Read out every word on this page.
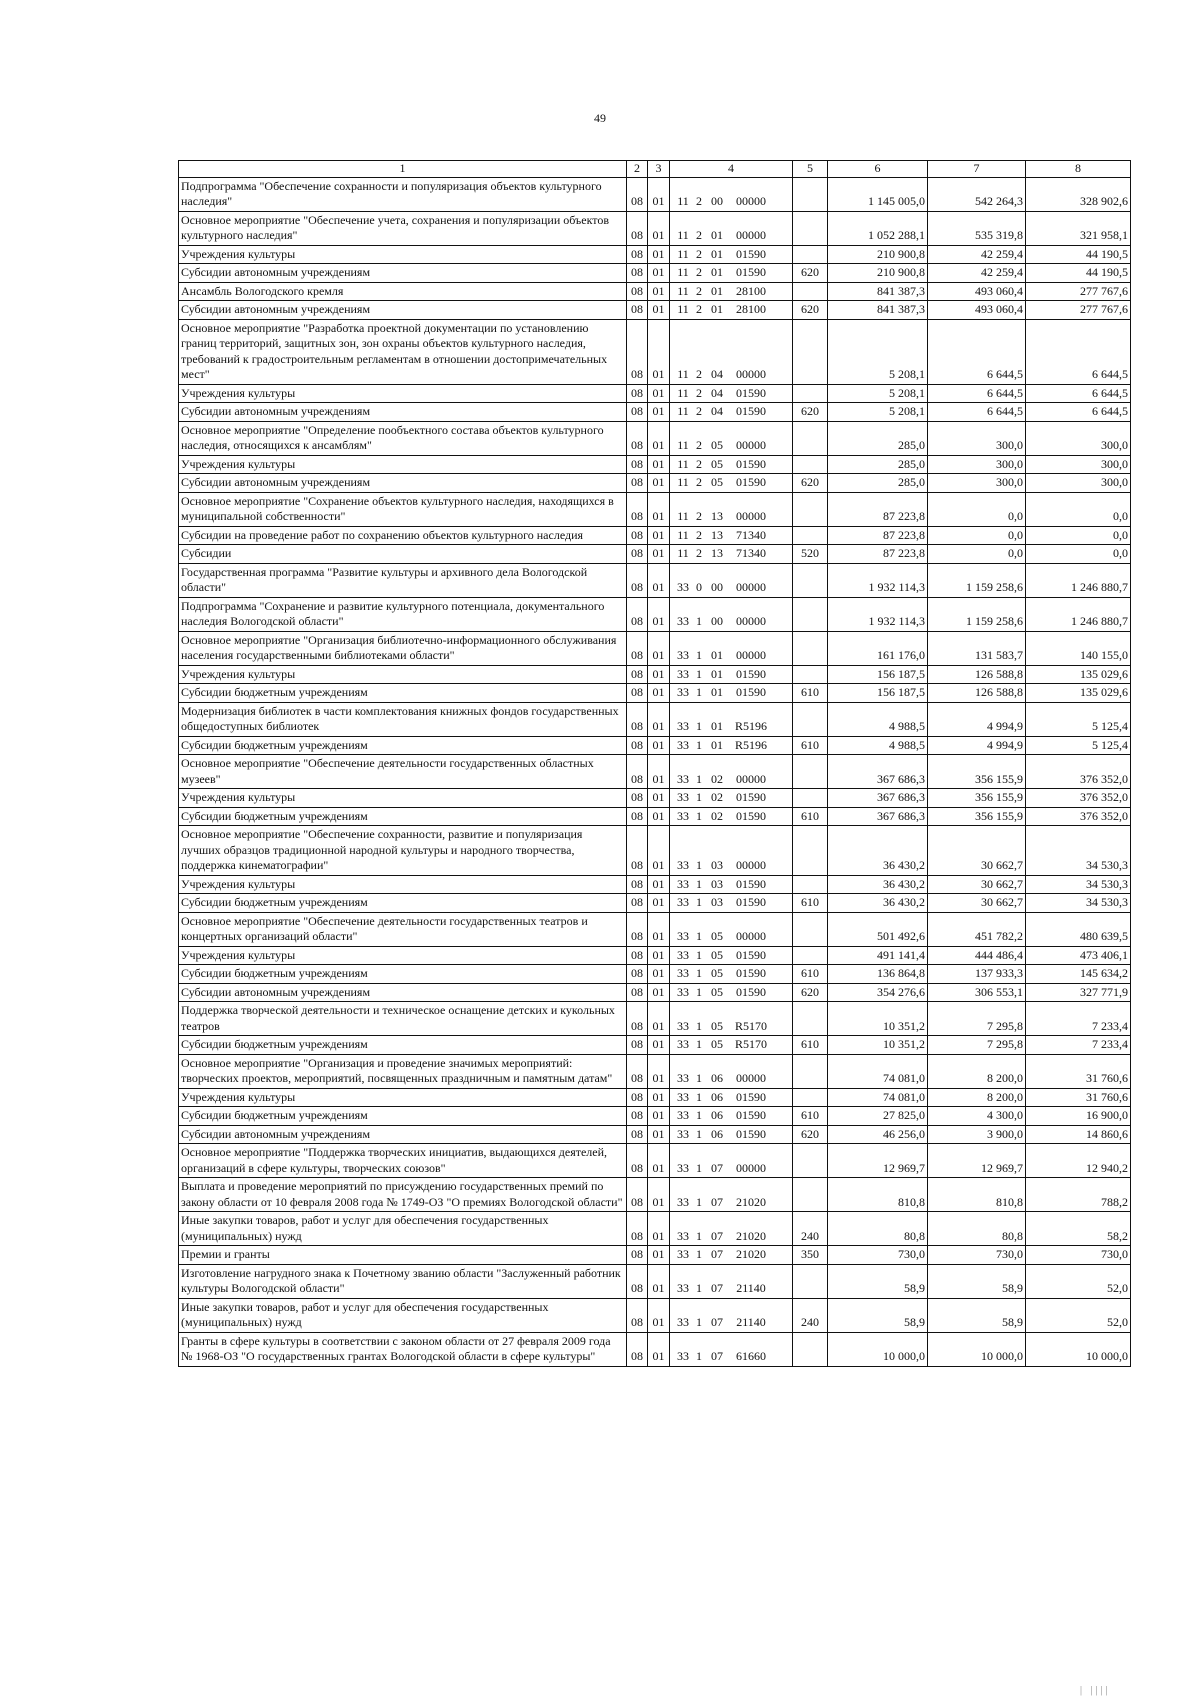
49
1	2	3	4	5	6	7	8
Подпрограмма "Обеспечение сохранности и популяризация объектов культурного наследия"	08	01	11 2 00 00000		1 145 005,0	542 264,3	328 902,6
Основное мероприятие "Обеспечение учета, сохранения и популяризации объектов культурного наследия"	08	01	11 2 01 00000		1 052 288,1	535 319,8	321 958,1
Учреждения культуры	08	01	11 2 01 01590		210 900,8	42 259,4	44 190,5
Субсидии автономным учреждениям	08	01	11 2 01 01590	620	210 900,8	42 259,4	44 190,5
Ансамбль Вологодского кремля	08	01	11 2 01 28100		841 387,3	493 060,4	277 767,6
Субсидии автономным учреждениям	08	01	11 2 01 28100	620	841 387,3	493 060,4	277 767,6
Основное мероприятие "Разработка проектной документации по установлению границ территорий, защитных зон, зон охраны объектов культурного наследия, требований к градостроительным регламентам в отношении достопримечательных мест"	08	01	11 2 04 00000		5 208,1	6 644,5	6 644,5
Учреждения культуры	08	01	11 2 04 01590		5 208,1	6 644,5	6 644,5
Субсидии автономным учреждениям	08	01	11 2 04 01590	620	5 208,1	6 644,5	6 644,5
Основное мероприятие "Определение пообъектного состава объектов культурного наследия, относящихся к ансамблям"	08	01	11 2 05 00000		285,0	300,0	300,0
Учреждения культуры	08	01	11 2 05 01590		285,0	300,0	300,0
Субсидии автономным учреждениям	08	01	11 2 05 01590	620	285,0	300,0	300,0
Основное мероприятие "Сохранение объектов культурного наследия, находящихся в муниципальной собственности"	08	01	11 2 13 00000		87 223,8	0,0	0,0
Субсидии на проведение работ по сохранению объектов культурного наследия	08	01	11 2 13 71340		87 223,8	0,0	0,0
Субсидии	08	01	11 2 13 71340	520	87 223,8	0,0	0,0
Государственная программа "Развитие культуры и архивного дела Вологодской области"	08	01	33 0 00 00000		1 932 114,3	1 159 258,6	1 246 880,7
Подпрограмма "Сохранение и развитие культурного потенциала, документального наследия Вологодской области"	08	01	33 1 00 00000		1 932 114,3	1 159 258,6	1 246 880,7
Основное мероприятие "Организация библиотечно-информационного обслуживания населения государственными библиотеками области"	08	01	33 1 01 00000		161 176,0	131 583,7	140 155,0
Учреждения культуры	08	01	33 1 01 01590		156 187,5	126 588,8	135 029,6
Субсидии бюджетным учреждениям	08	01	33 1 01 01590	610	156 187,5	126 588,8	135 029,6
Модернизация библиотек в части комплектования книжных фондов государственных общедоступных библиотек	08	01	33 1 01 R5196		4 988,5	4 994,9	5 125,4
Субсидии бюджетным учреждениям	08	01	33 1 01 R5196	610	4 988,5	4 994,9	5 125,4
Основное мероприятие "Обеспечение деятельности государственных областных музеев"	08	01	33 1 02 00000		367 686,3	356 155,9	376 352,0
Учреждения культуры	08	01	33 1 02 01590		367 686,3	356 155,9	376 352,0
Субсидии бюджетным учреждениям	08	01	33 1 02 01590	610	367 686,3	356 155,9	376 352,0
Основное мероприятие "Обеспечение сохранности, развитие и популяризация лучших образцов традиционной народной культуры и народного творчества, поддержка кинематографии"	08	01	33 1 03 00000		36 430,2	30 662,7	34 530,3
Учреждения культуры	08	01	33 1 03 01590		36 430,2	30 662,7	34 530,3
Субсидии бюджетным учреждениям	08	01	33 1 03 01590	610	36 430,2	30 662,7	34 530,3
Основное мероприятие "Обеспечение деятельности государственных театров и концертных организаций области"	08	01	33 1 05 00000		501 492,6	451 782,2	480 639,5
Учреждения культуры	08	01	33 1 05 01590		491 141,4	444 486,4	473 406,1
Субсидии бюджетным учреждениям	08	01	33 1 05 01590	610	136 864,8	137 933,3	145 634,2
Субсидии автономным учреждениям	08	01	33 1 05 01590	620	354 276,6	306 553,1	327 771,9
Поддержка творческой деятельности и техническое оснащение детских и кукольных театров	08	01	33 1 05 R5170		10 351,2	7 295,8	7 233,4
Субсидии бюджетным учреждениям	08	01	33 1 05 R5170	610	10 351,2	7 295,8	7 233,4
Основное мероприятие "Организация и проведение значимых мероприятий: творческих проектов, мероприятий, посвященных праздничным и памятным датам"	08	01	33 1 06 00000		74 081,0	8 200,0	31 760,6
Учреждения культуры	08	01	33 1 06 01590		74 081,0	8 200,0	31 760,6
Субсидии бюджетным учреждениям	08	01	33 1 06 01590	610	27 825,0	4 300,0	16 900,0
Субсидии автономным учреждениям	08	01	33 1 06 01590	620	46 256,0	3 900,0	14 860,6
Основное мероприятие "Поддержка творческих инициатив, выдающихся деятелей, организаций в сфере культуры, творческих союзов"	08	01	33 1 07 00000		12 969,7	12 969,7	12 940,2
Выплата и проведение мероприятий по присуждению государственных премий по закону области от 10 февраля 2008 года № 1749-ОЗ "О премиях Вологодской области"	08	01	33 1 07 21020		810,8	810,8	788,2
Иные закупки товаров, работ и услуг для обеспечения государственных (муниципальных) нужд	08	01	33 1 07 21020	240	80,8	80,8	58,2
Премии и гранты	08	01	33 1 07 21020	350	730,0	730,0	730,0
Изготовление нагрудного знака к Почетному званию области "Заслуженный работник культуры Вологодской области"	08	01	33 1 07 21140		58,9	58,9	52,0
Иные закупки товаров, работ и услуг для обеспечения государственных (муниципальных) нужд	08	01	33 1 07 21140	240	58,9	58,9	52,0
Гранты в сфере культуры в соответствии с законом области от 27 февраля 2009 года № 1968-ОЗ "О государственных грантах Вологодской области в сфере культуры"	08	01	33 1 07 61660		10 000,0	10 000,0	10 000,0
| ||||
